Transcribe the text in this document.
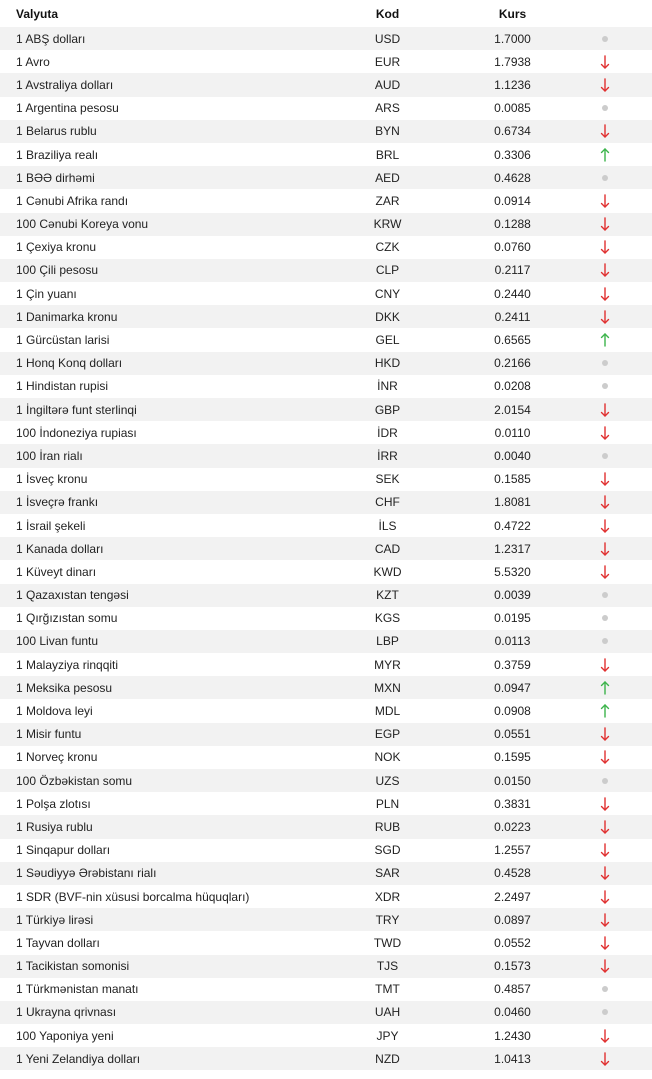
Valyuta	Kod	Kurs
1 ABŞ dolları	USD	1.7000
1 Avro	EUR	1.7938
1 Avstraliya dolları	AUD	1.1236
1 Argentina pesosu	ARS	0.0085
1 Belarus rublu	BYN	0.6734
1 Braziliya realı	BRL	0.3306
1 BƏƏ dirhəmi	AED	0.4628
1 Cənubi Afrika randı	ZAR	0.0914
100 Cənubi Koreya vonu	KRW	0.1288
1 Çexiya kronu	CZK	0.0760
100 Çili pesosu	CLP	0.2117
1 Çin yuanı	CNY	0.2440
1 Danimarka kronu	DKK	0.2411
1 Gürcüstan larisi	GEL	0.6565
1 Honq Konq dolları	HKD	0.2166
1 Hindistan rupisi	İNR	0.0208
1 İngiltərə funt sterlinqi	GBP	2.0154
100 İndoneziya rupiası	İDR	0.0110
100 İran rialı	İRR	0.0040
1 İsveç kronu	SEK	0.1585
1 İsveçrə frankı	CHF	1.8081
1 İsrail şekeli	İLS	0.4722
1 Kanada dolları	CAD	1.2317
1 Küveyt dinarı	KWD	5.5320
1 Qazaxıstan tengəsi	KZT	0.0039
1 Qırğızıstan somu	KGS	0.0195
100 Livan funtu	LBP	0.0113
1 Malayziya rinqqiti	MYR	0.3759
1 Meksika pesosu	MXN	0.0947
1 Moldova leyi	MDL	0.0908
1 Misir funtu	EGP	0.0551
1 Norveç kronu	NOK	0.1595
100 Özbəkistan somu	UZS	0.0150
1 Polşa zlotısı	PLN	0.3831
1 Rusiya rublu	RUB	0.0223
1 Sinqapur dolları	SGD	1.2557
1 Səudiyyə Ərəbistanı rialı	SAR	0.4528
1 SDR (BVF-nin xüsusi borcalma hüquqları)	XDR	2.2497
1 Türkiyə lirəsi	TRY	0.0897
1 Tayvan dolları	TWD	0.0552
1 Tacikistan somonisi	TJS	0.1573
1 Türkmənistan manatı	TMT	0.4857
1 Ukrayna qrivnası	UAH	0.0460
100 Yaponiya yeni	JPY	1.2430
1 Yeni Zelandiya dolları	NZD	1.0413
